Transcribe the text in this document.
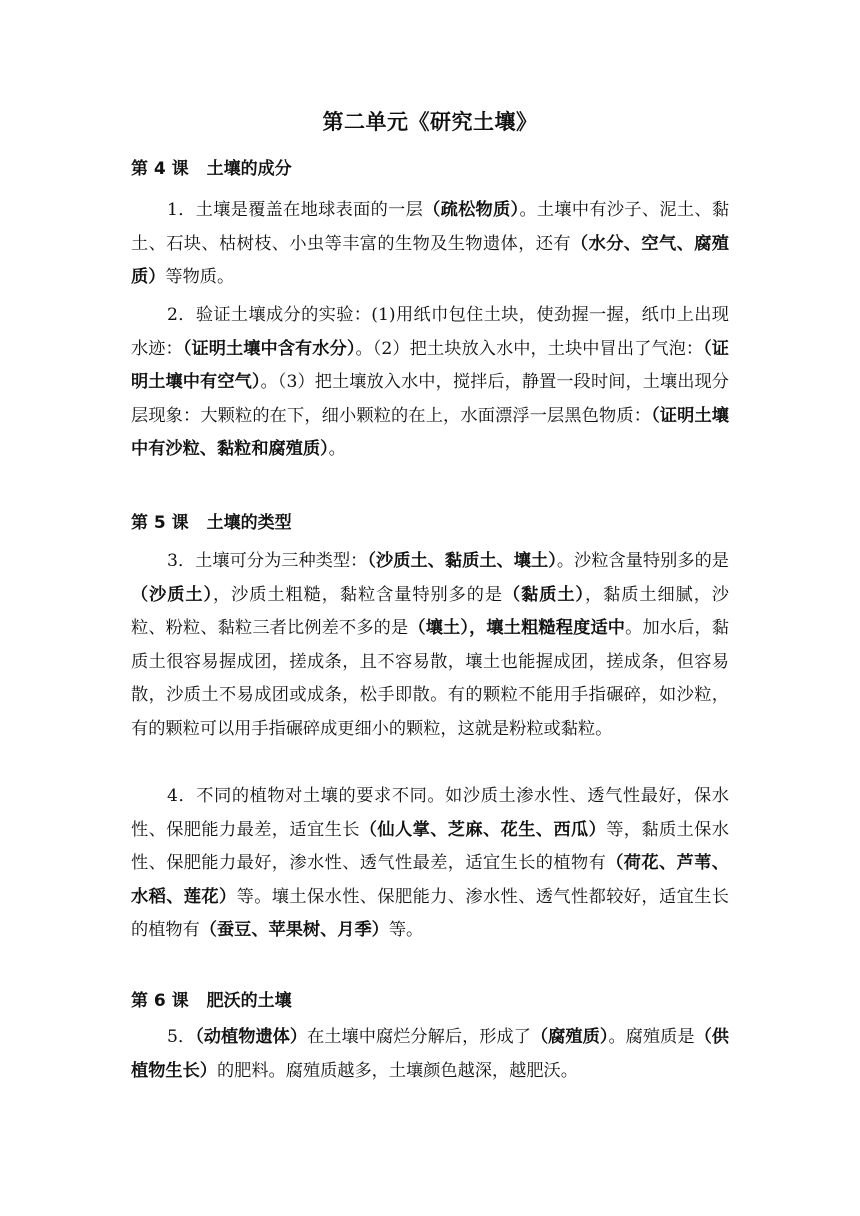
第二单元《研究土壤》
第 4 课 土壤的成分
1．土壤是覆盖在地球表面的一层（疏松物质）。土壤中有沙子、泥土、黏土、石块、枯树枝、小虫等丰富的生物及生物遗体，还有（水分、空气、腐殖质）等物质。
2．验证土壤成分的实验：(1)用纸巾包住土块，使劲握一握，纸巾上出现水迹：（证明土壤中含有水分）。（2）把土块放入水中，土块中冒出了气泡：（证明土壤中有空气）。（3）把土壤放入水中，搅拌后，静置一段时间，土壤出现分层现象：大颗粒的在下，细小颗粒的在上，水面漂浮一层黑色物质：（证明土壤中有沙粒、黏粒和腐殖质）。
第 5 课 土壤的类型
3．土壤可分为三种类型：（沙质土、黏质土、壤土）。沙粒含量特别多的是（沙质土），沙质土粗糙，黏粒含量特别多的是（黏质土），黏质土细腻，沙粒、粉粒、黏粒三者比例差不多的是（壤土），壤土粗糙程度适中。加水后，黏质土很容易握成团，搓成条，且不容易散，壤土也能握成团，搓成条，但容易散，沙质土不易成团或成条，松手即散。有的颗粒不能用手指碾碎，如沙粒，有的颗粒可以用手指碾碎成更细小的颗粒，这就是粉粒或黏粒。
4．不同的植物对土壤的要求不同。如沙质土渗水性、透气性最好，保水性、保肥能力最差，适宜生长（仙人掌、芝麻、花生、西瓜）等，黏质土保水性、保肥能力最好，渗水性、透气性最差，适宜生长的植物有（荷花、芦苇、水稻、莲花）等。壤土保水性、保肥能力、渗水性、透气性都较好，适宜生长的植物有（蚕豆、苹果树、月季）等。
第 6 课 肥沃的土壤
5．（动植物遗体）在土壤中腐烂分解后，形成了（腐殖质）。腐殖质是（供植物生长）的肥料。腐殖质越多，土壤颜色越深，越肥沃。
